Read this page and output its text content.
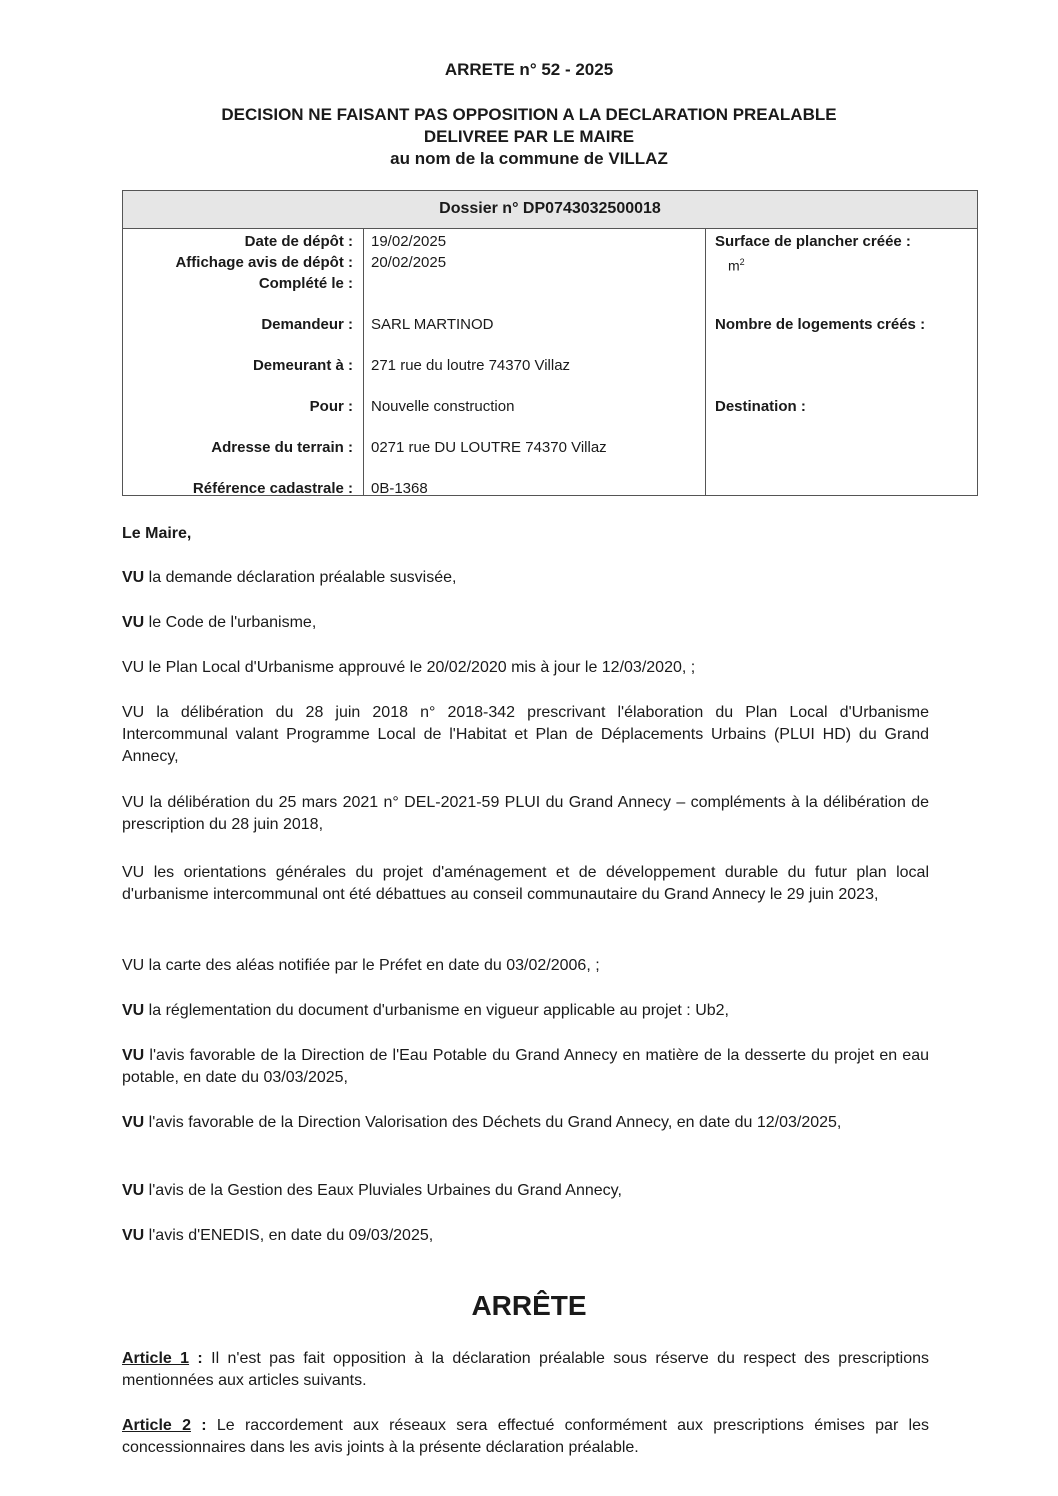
ARRETE n° 52 - 2025
DECISION NE FAISANT PAS OPPOSITION A LA DECLARATION PREALABLE
DELIVREE PAR LE MAIRE
au nom de la commune de VILLAZ
Dossier n° DP0743032500018
Date de dépôt :
Affichage avis de dépôt :
Complété le :
Demandeur :
Demeurant à :
Pour :
Adresse du terrain :
Référence cadastrale :
19/02/2025
20/02/2025
SARL MARTINOD
271 rue du loutre 74370 Villaz
Nouvelle construction
0271 rue DU LOUTRE 74370 Villaz
0B-1368
Surface de plancher créée :
$m^2$
Nombre de logements créés :
Destination :
Le Maire,
VU la demande déclaration préalable susvisée,
VU le Code de l'urbanisme,
VU le Plan Local d'Urbanisme approuvé le 20/02/2020 mis à jour le 12/03/2020, ;
VU la délibération du 28 juin 2018 n° 2018-342 prescrivant l'élaboration du Plan Local d'Urbanisme Intercommunal valant Programme Local de l'Habitat et Plan de Déplacements Urbains (PLUI HD) du Grand Annecy,
VU la délibération du 25 mars 2021 n° DEL-2021-59 PLUI du Grand Annecy – compléments à la délibération de prescription du 28 juin 2018,
VU les orientations générales du projet d'aménagement et de développement durable du futur plan local d'urbanisme intercommunal ont été débattues au conseil communautaire du Grand Annecy le 29 juin 2023,
VU la carte des aléas notifiée par le Préfet en date du 03/02/2006, ;
VU la réglementation du document d'urbanisme en vigueur applicable au projet : Ub2,
VU l'avis favorable de la Direction de l'Eau Potable du Grand Annecy en matière de la desserte du projet en eau potable, en date du 03/03/2025,
VU l'avis favorable de la Direction Valorisation des Déchets du Grand Annecy, en date du 12/03/2025,
VU l'avis de la Gestion des Eaux Pluviales Urbaines du Grand Annecy,
VU l'avis d'ENEDIS, en date du 09/03/2025,
ARRÊTE
Article 1 : Il n'est pas fait opposition à la déclaration préalable sous réserve du respect des prescriptions mentionnées aux articles suivants.
Article 2 : Le raccordement aux réseaux sera effectué conformément aux prescriptions émises par les concessionnaires dans les avis joints à la présente déclaration préalable.
